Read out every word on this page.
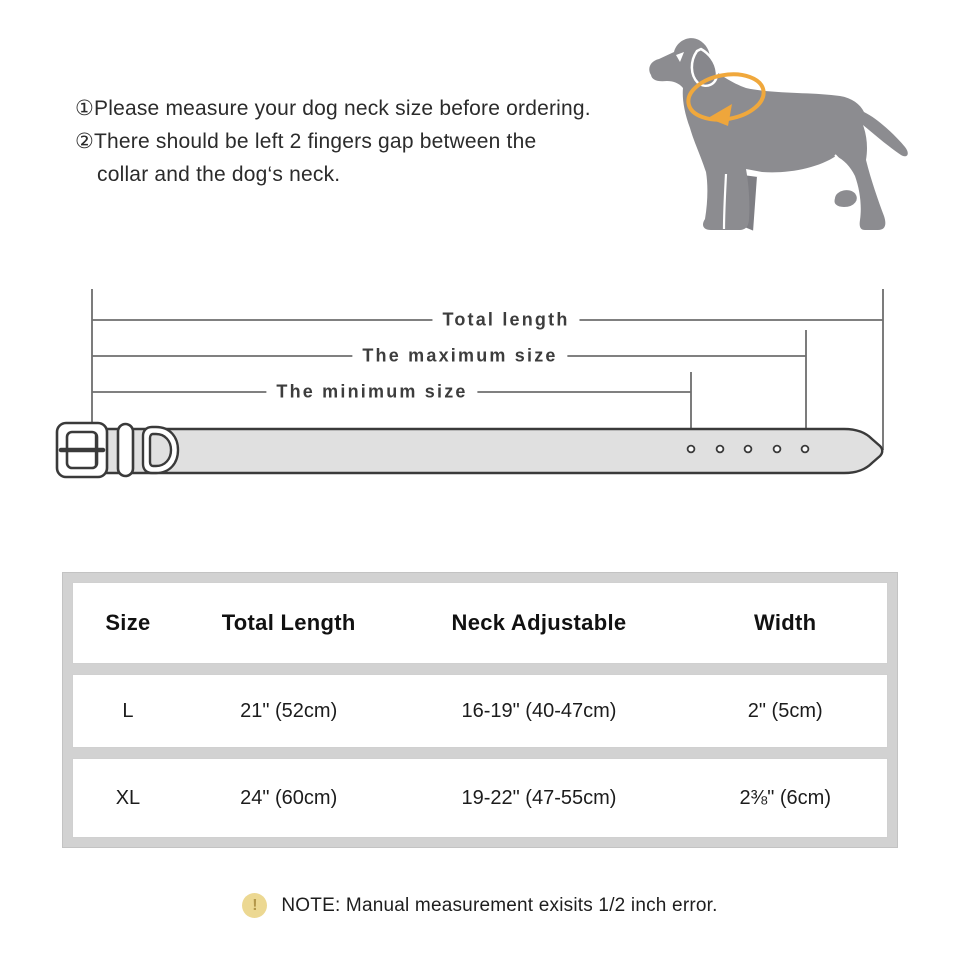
①Please measure your dog neck size before ordering.
②There should be left 2 fingers gap between the
collar and the dog‘s neck.
Total length
The maximum size
The minimum size
Size	Total Length	Neck Adjustable	Width
L	21" (52cm)	16-19" (40-47cm)	2" (5cm)
XL	24" (60cm)	19-22" (47-55cm)	2⅜" (6cm)
!	NOTE: Manual measurement exisits 1/2 inch error.
